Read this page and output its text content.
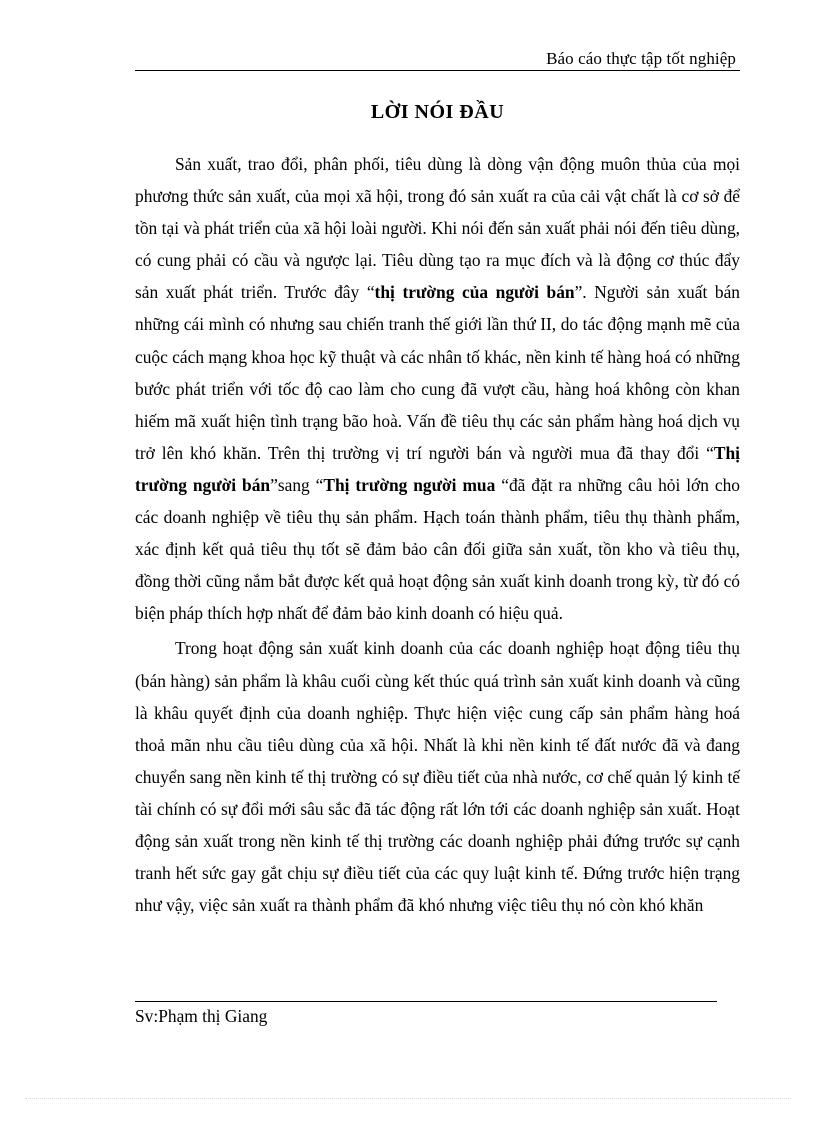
Báo cáo thực tập tốt nghiệp
LỜI NÓI ĐẦU

Sản xuất, trao đổi, phân phối, tiêu dùng là dòng vận động muôn thủa của mọi phương thức sản xuất, của mọi xã hội, trong đó sản xuất ra của cải vật chất là cơ sở để tồn tại và phát triển của xã hội loài người. Khi nói đến sản xuất phải nói đến tiêu dùng, có cung phải có cầu và ngược lại. Tiêu dùng tạo ra mục đích và là động cơ thúc đẩy sản xuất phát triển. Trước đây “thị trường của người bán”. Người sản xuất bán những cái mình có nhưng sau chiến tranh thế giới lần thứ II, do tác động mạnh mẽ của cuộc cách mạng khoa học kỹ thuật và các nhân tố khác, nền kinh tế hàng hoá có những bước phát triển với tốc độ cao làm cho cung đã vượt cầu, hàng hoá không còn khan hiếm mã xuất hiện tình trạng bão hoà. Vấn đề tiêu thụ các sản phẩm hàng hoá dịch vụ trở lên khó khăn. Trên thị trường vị trí người bán và người mua đã thay đổi “Thị trường người bán”sang “Thị trường người mua “đã đặt ra những câu hỏi lớn cho các doanh nghiệp về tiêu thụ sản phẩm. Hạch toán thành phẩm, tiêu thụ thành phẩm, xác định kết quả tiêu thụ tốt sẽ đảm bảo cân đối giữa sản xuất, tồn kho và tiêu thụ, đồng thời cũng nắm bắt được kết quả hoạt động sản xuất kinh doanh trong kỳ, từ đó có biện pháp thích hợp nhất để đảm bảo kinh doanh có hiệu quả.

Trong hoạt động sản xuất kinh doanh của các doanh nghiệp hoạt động tiêu thụ (bán hàng) sản phẩm là khâu cuối cùng kết thúc quá trình sản xuất kinh doanh và cũng là khâu quyết định của doanh nghiệp. Thực hiện việc cung cấp sản phẩm hàng hoá thoả mãn nhu cầu tiêu dùng của xã hội. Nhất là khi nền kinh tế đất nước đã và đang chuyển sang nền kinh tế thị trường có sự điều tiết của nhà nước, cơ chế quản lý kinh tế tài chính có sự đổi mới sâu sắc đã tác động rất lớn tới các doanh nghiệp sản xuất. Hoạt động sản xuất trong nền kinh tế thị trường các doanh nghiệp phải đứng trước sự cạnh tranh hết sức gay gắt chịu sự điều tiết của các quy luật kinh tế. Đứng trước hiện trạng như vậy, việc sản xuất ra thành phẩm đã khó nhưng việc tiêu thụ nó còn khó khăn

Sv:Phạm thị Giang
